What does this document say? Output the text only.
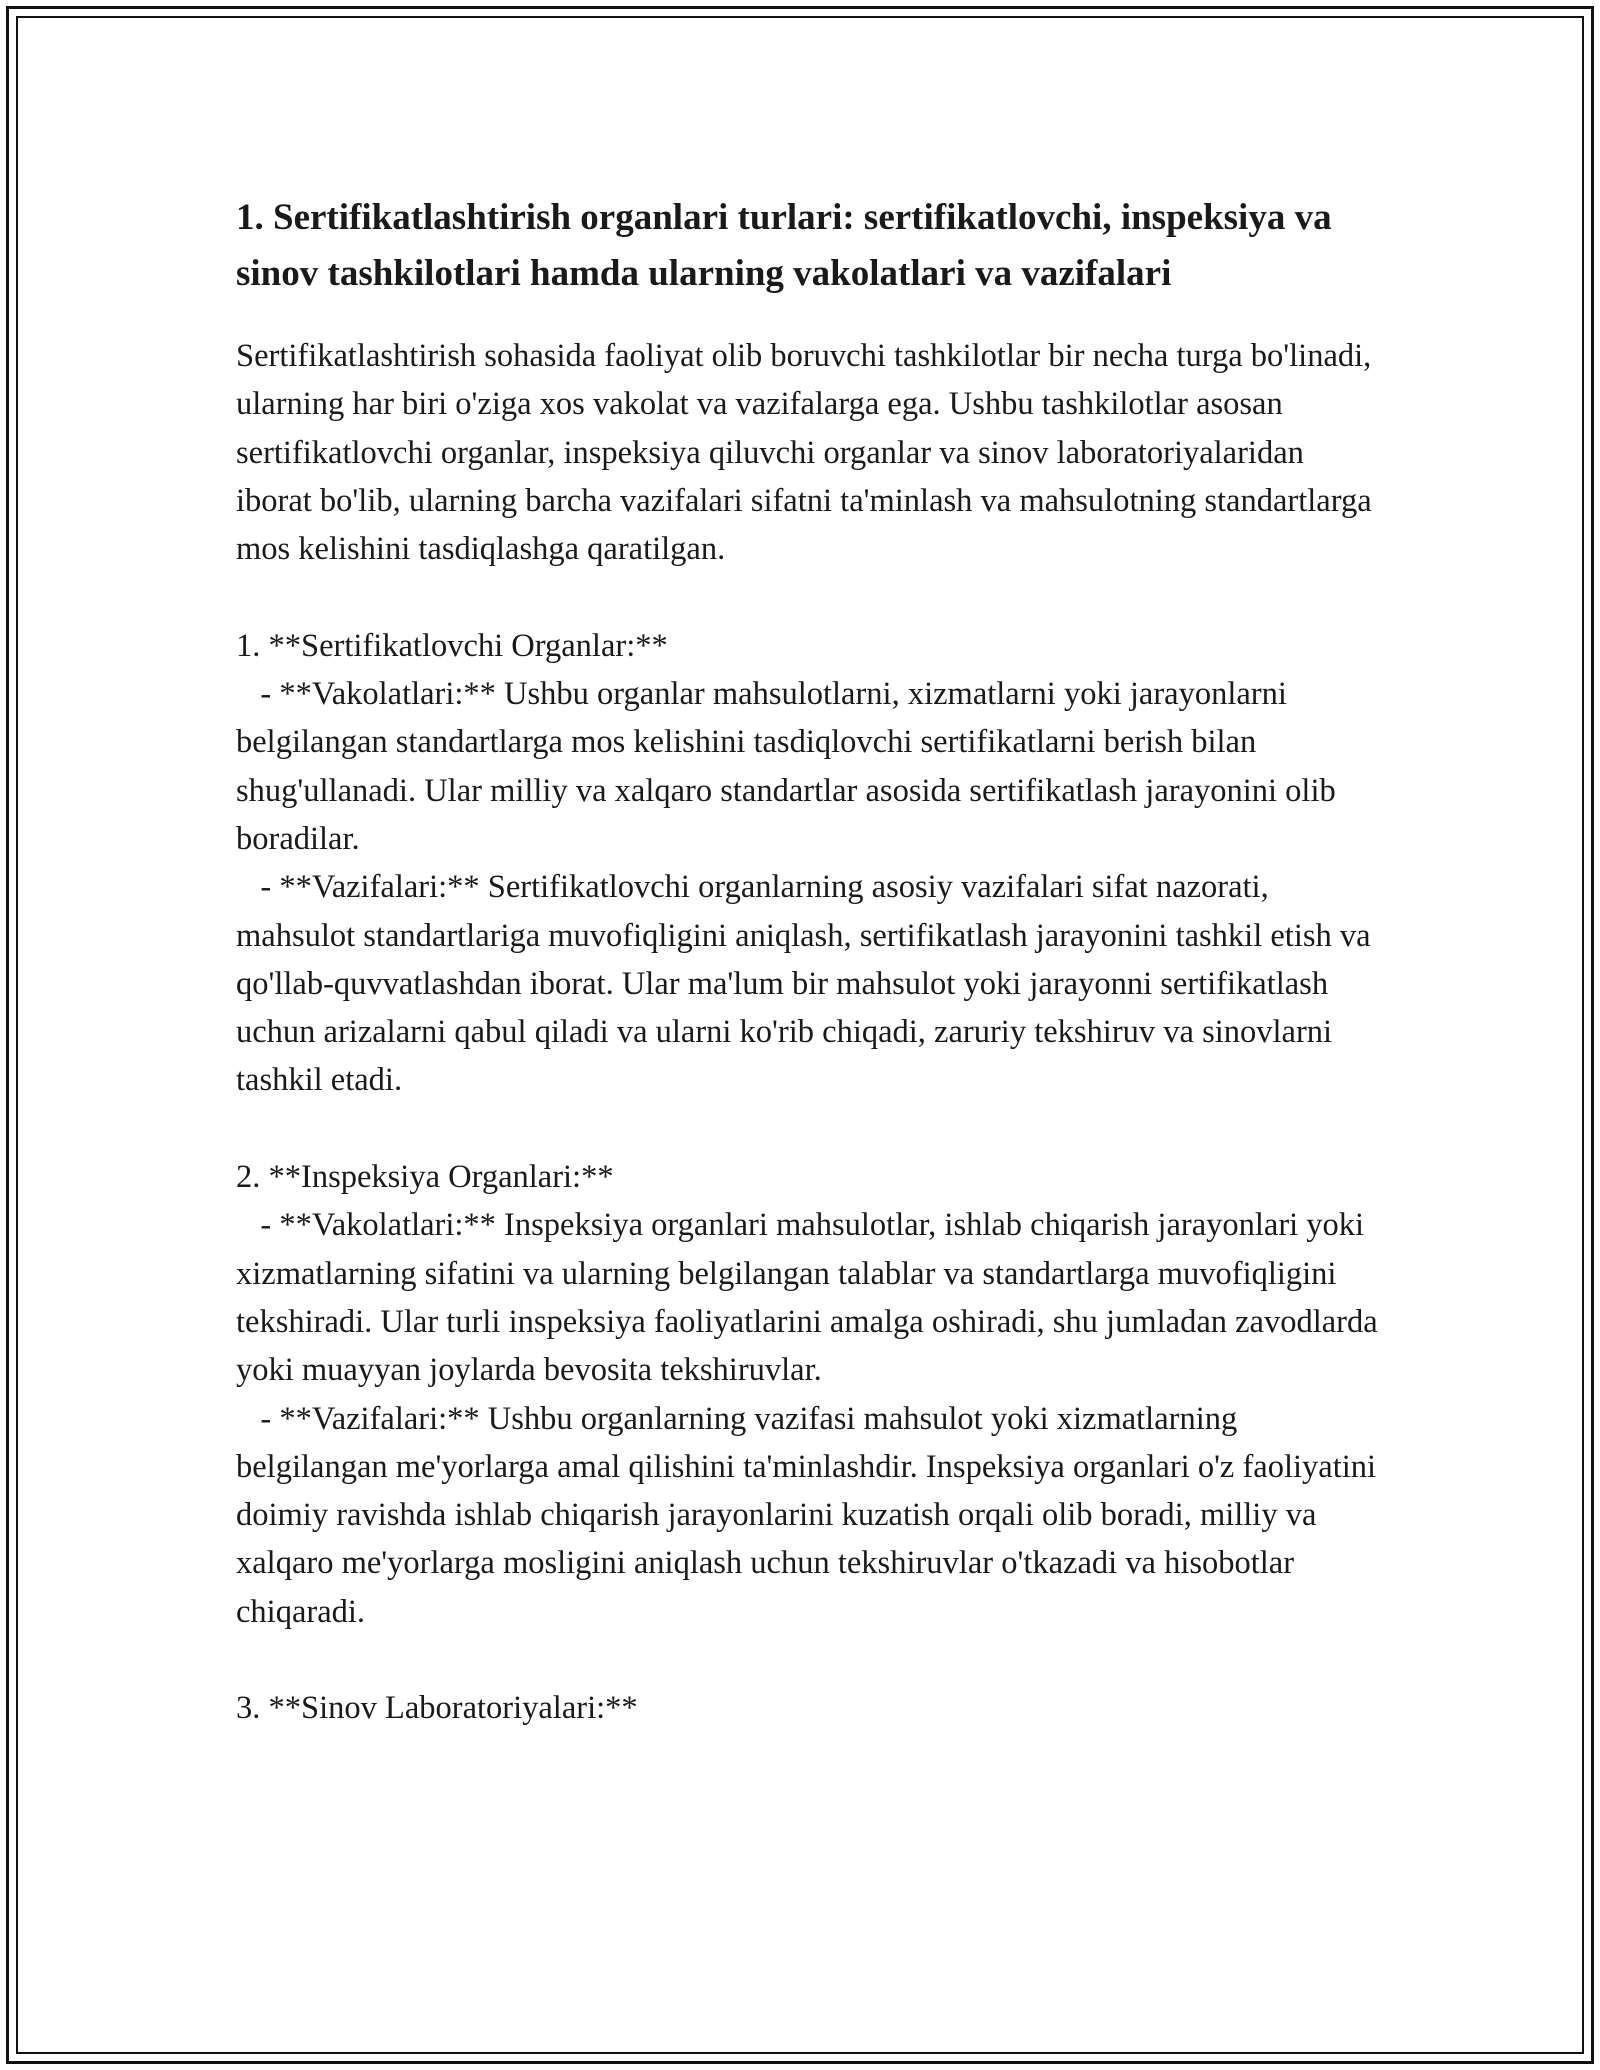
1. Sertifikatlashtirish organlari turlari: sertifikatlovchi, inspeksiya va sinov tashkilotlari hamda ularning vakolatlari va vazifalari

Sertifikatlashtirish sohasida faoliyat olib boruvchi tashkilotlar bir necha turga bo'linadi, ularning har biri o'ziga xos vakolat va vazifalarga ega. Ushbu tashkilotlar asosan sertifikatlovchi organlar, inspeksiya qiluvchi organlar va sinov laboratoriyalaridan iborat bo'lib, ularning barcha vazifalari sifatni ta'minlash va mahsulotning standartlarga mos kelishini tasdiqlashga qaratilgan.

1. **Sertifikatlovchi Organlar:**

- **Vakolatlari:** Ushbu organlar mahsulotlarni, xizmatlarni yoki jarayonlarni belgilangan standartlarga mos kelishini tasdiqlovchi sertifikatlarni berish bilan shug'ullanadi. Ular milliy va xalqaro standartlar asosida sertifikatlash jarayonini olib boradilar.

- **Vazifalari:** Sertifikatlovchi organlarning asosiy vazifalari sifat nazorati, mahsulot standartlariga muvofiqligini aniqlash, sertifikatlash jarayonini tashkil etish va qo'llab-quvvatlashdan iborat. Ular ma'lum bir mahsulot yoki jarayonni sertifikatlash uchun arizalarni qabul qiladi va ularni ko'rib chiqadi, zaruriy tekshiruv va sinovlarni tashkil etadi.

2. **Inspeksiya Organlari:**

- **Vakolatlari:** Inspeksiya organlari mahsulotlar, ishlab chiqarish jarayonlari yoki xizmatlarning sifatini va ularning belgilangan talablar va standartlarga muvofiqligini tekshiradi. Ular turli inspeksiya faoliyatlarini amalga oshiradi, shu jumladan zavodlarda yoki muayyan joylarda bevosita tekshiruvlar.

- **Vazifalari:** Ushbu organlarning vazifasi mahsulot yoki xizmatlarning belgilangan me'yorlarga amal qilishini ta'minlashdir. Inspeksiya organlari o'z faoliyatini doimiy ravishda ishlab chiqarish jarayonlarini kuzatish orqali olib boradi, milliy va xalqaro me'yorlarga mosligini aniqlash uchun tekshiruvlar o'tkazadi va hisobotlar chiqaradi.

3. **Sinov Laboratoriyalari:**
